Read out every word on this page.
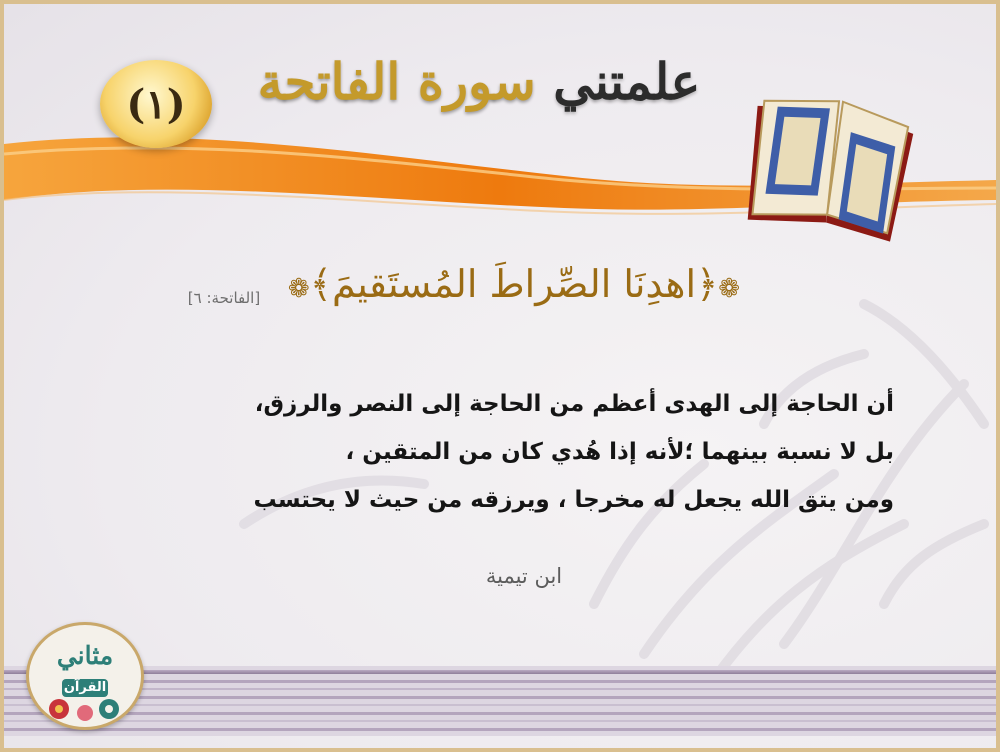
(١)	علمتني سورة الفاتحة
❁﴿اهدِنَا الصِّراطَ المُستَقيمَ﴾❁
[الفاتحة: ٦]
أن الحاجة إلى الهدى أعظم من الحاجة إلى النصر والرزق،
بل لا نسبة بينهما ؛لأنه إذا هُدي كان من المتقين ،
ومن يتق الله يجعل له مخرجا ، ويرزقه من حيث لا يحتسب
ابن تيمية
مثاني
القرآن
